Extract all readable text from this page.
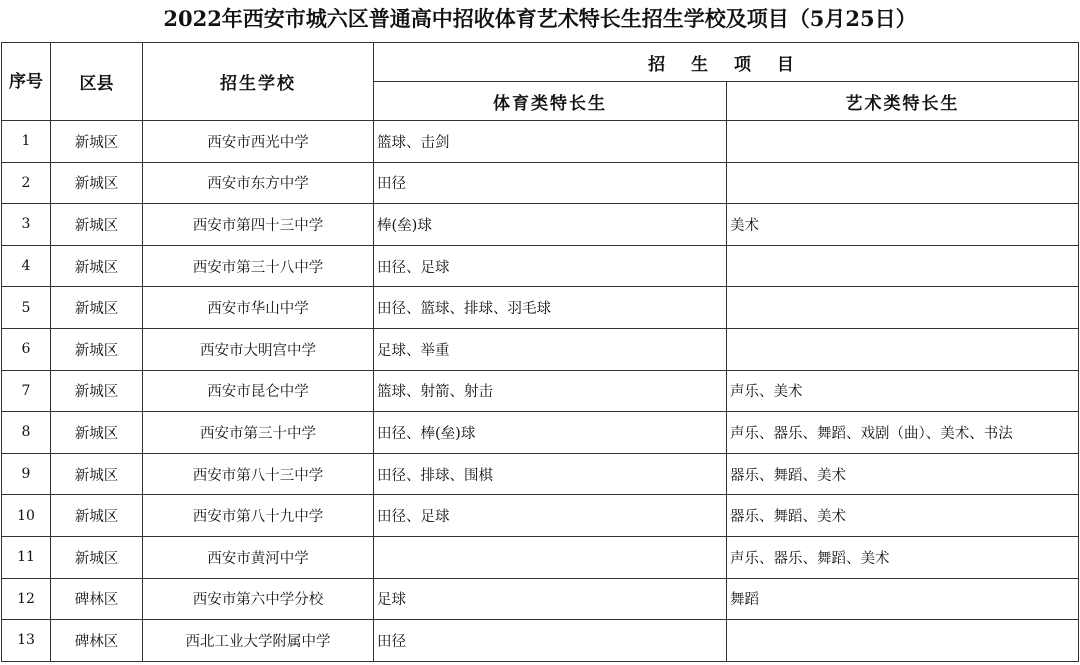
2022年西安市城六区普通高中招收体育艺术特长生招生学校及项目（5月25日）
序号	区县	招生学校	招 生 项 目	
			体育类特长生	艺术类特长生
1	新城区	西安市西光中学	篮球、击剑	
2	新城区	西安市东方中学	田径	
3	新城区	西安市第四十三中学	棒(垒)球	美术
4	新城区	西安市第三十八中学	田径、足球	
5	新城区	西安市华山中学	田径、篮球、排球、羽毛球	
6	新城区	西安市大明宫中学	足球、举重	
7	新城区	西安市昆仑中学	篮球、射箭、射击	声乐、美术
8	新城区	西安市第三十中学	田径、棒(垒)球	声乐、器乐、舞蹈、戏剧（曲）、美术、书法
9	新城区	西安市第八十三中学	田径、排球、围棋	器乐、舞蹈、美术
10	新城区	西安市第八十九中学	田径、足球	器乐、舞蹈、美术
11	新城区	西安市黄河中学		声乐、器乐、舞蹈、美术
12	碑林区	西安市第六中学分校	足球	舞蹈
13	碑林区	西北工业大学附属中学	田径	
